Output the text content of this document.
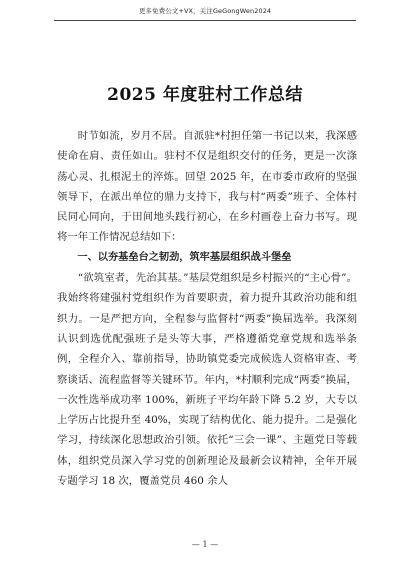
更多免费公文+VX，关注GeGongWen2024
2025 年度驻村工作总结

时节如流，岁月不居。自派驻*村担任第一书记以来，我深感使命在肩、责任如山。驻村不仅是组织交付的任务，更是一次涤荡心灵、扎根泥土的淬炼。回望 2025 年，在市委市政府的坚强领导下，在派出单位的鼎力支持下，我与村“两委”班子、全体村民同心同向，于田间地头践行初心，在乡村画卷上奋力书写。现将一年工作情况总结如下：

一、以夯基垒台之韧劲，筑牢基层组织战斗堡垒

“欲筑室者，先治其基。”基层党组织是乡村振兴的“主心骨”。我始终将建强村党组织作为首要职责，着力提升其政治功能和组织力。一是严把方向，全程参与监督村“两委”换届选举。我深刻认识到选优配强班子是头等大事，严格遵循党章党规和选举条例，全程介入、靠前指导，协助镇党委完成候选人资格审查、考察谈话、流程监督等关键环节。年内，*村顺利完成“两委”换届，一次性选举成功率 100%，新班子平均年龄下降 5.2 岁，大专以上学历占比提升至 40%，实现了结构优化、能力提升。二是强化学习，持续深化思想政治引领。依托“三会一课”、主题党日等载体，组织党员深入学习党的创新理论及最新会议精神，全年开展专题学习 18 次，覆盖党员 460 余人

— 1 —
